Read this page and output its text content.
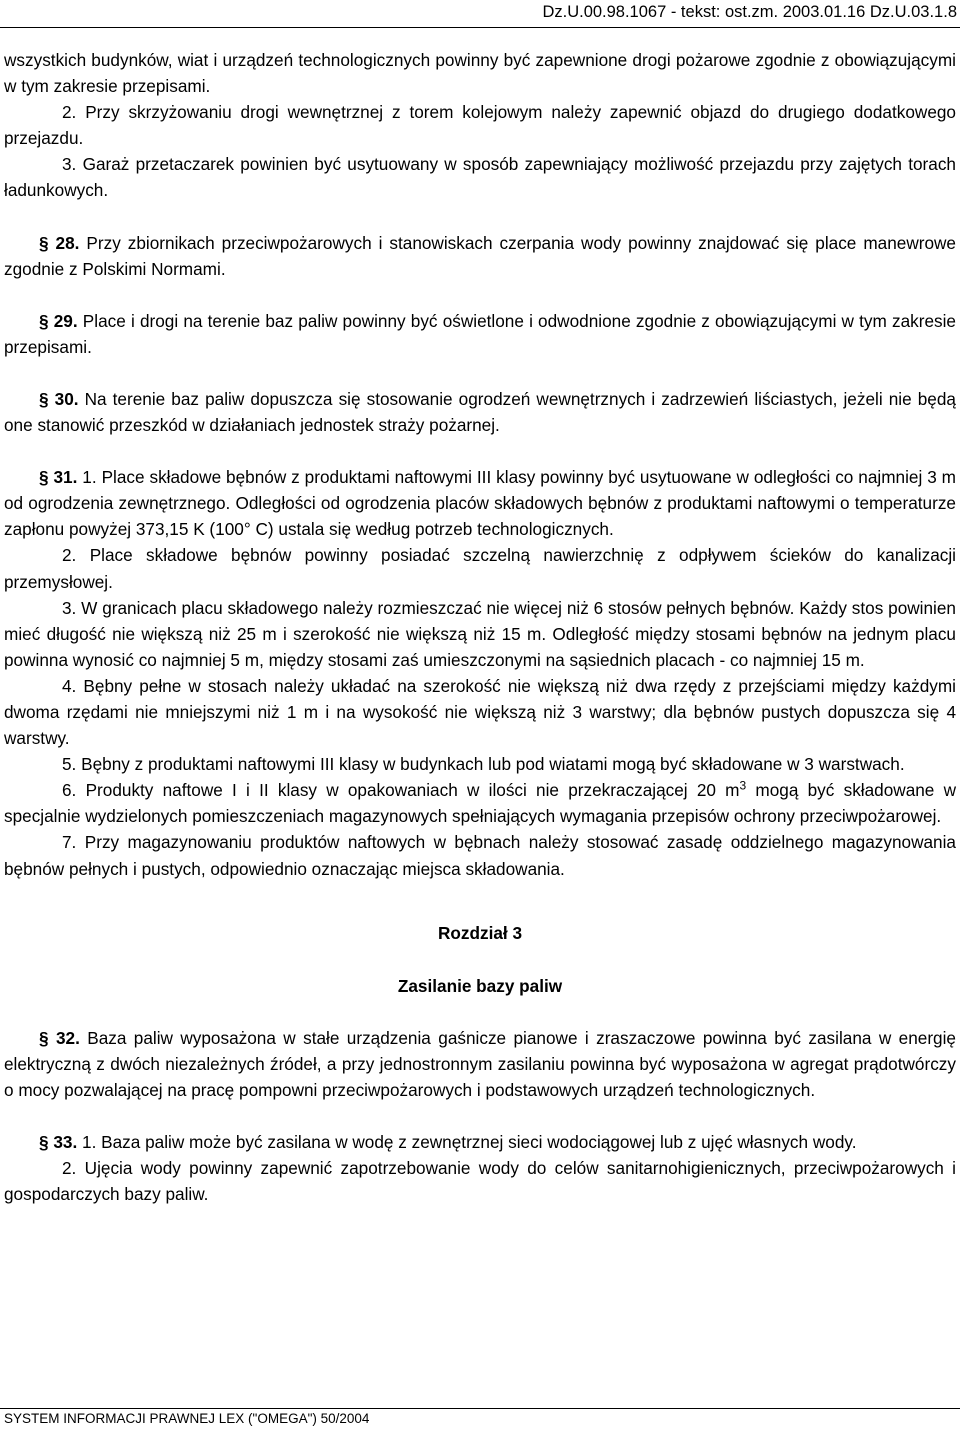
Dz.U.00.98.1067 - tekst: ost.zm. 2003.01.16 Dz.U.03.1.8

wszystkich budynków, wiat i urządzeń technologicznych powinny być zapewnione drogi pożarowe zgodnie z obowiązującymi w tym zakresie przepisami.

2. Przy skrzyżowaniu drogi wewnętrznej z torem kolejowym należy zapewnić objazd do drugiego dodatkowego przejazdu.

3. Garaż przetaczarek powinien być usytuowany w sposób zapewniający możliwość przejazdu przy zajętych torach ładunkowych.

§ 28. Przy zbiornikach przeciwpożarowych i stanowiskach czerpania wody powinny znajdować się place manewrowe zgodnie z Polskimi Normami.

§ 29. Place i drogi na terenie baz paliw powinny być oświetlone i odwodnione zgodnie z obowiązującymi w tym zakresie przepisami.

§ 30. Na terenie baz paliw dopuszcza się stosowanie ogrodzeń wewnętrznych i zadrzewień liściastych, jeżeli nie będą one stanowić przeszkód w działaniach jednostek straży pożarnej.

§ 31. 1. Place składowe bębnów z produktami naftowymi III klasy powinny być usytuowane w odległości co najmniej 3 m od ogrodzenia zewnętrznego. Odległości od ogrodzenia placów składowych bębnów z produktami naftowymi o temperaturze zapłonu powyżej 373,15 K (100° C) ustala się według potrzeb technologicznych.

2. Place składowe bębnów powinny posiadać szczelną nawierzchnię z odpływem ścieków do kanalizacji przemysłowej.

3. W granicach placu składowego należy rozmieszczać nie więcej niż 6 stosów pełnych bębnów. Każdy stos powinien mieć długość nie większą niż 25 m i szerokość nie większą niż 15 m. Odległość między stosami bębnów na jednym placu powinna wynosić co najmniej 5 m, między stosami zaś umieszczonymi na sąsiednich placach - co najmniej 15 m.

4. Bębny pełne w stosach należy układać na szerokość nie większą niż dwa rzędy z przejściami między każdymi dwoma rzędami nie mniejszymi niż 1 m i na wysokość nie większą niż 3 warstwy; dla bębnów pustych dopuszcza się 4 warstwy.

5. Bębny z produktami naftowymi III klasy w budynkach lub pod wiatami mogą być składowane w 3 warstwach.

6. Produkty naftowe I i II klasy w opakowaniach w ilości nie przekraczającej 20 $m^3$ mogą być składowane w specjalnie wydzielonych pomieszczeniach magazynowych spełniających wymagania przepisów ochrony przeciwpożarowej.

7. Przy magazynowaniu produktów naftowych w bębnach należy stosować zasadę oddzielnego magazynowania bębnów pełnych i pustych, odpowiednio oznaczając miejsca składowania.

Rozdział 3

Zasilanie bazy paliw

§ 32. Baza paliw wyposażona w stałe urządzenia gaśnicze pianowe i zraszaczowe powinna być zasilana w energię elektryczną z dwóch niezależnych źródeł, a przy jednostronnym zasilaniu powinna być wyposażona w agregat prądotwórczy o mocy pozwalającej na pracę pompowni przeciwpożarowych i podstawowych urządzeń technologicznych.

§ 33. 1. Baza paliw może być zasilana w wodę z zewnętrznej sieci wodociągowej lub z ujęć własnych wody.

2. Ujęcia wody powinny zapewnić zapotrzebowanie wody do celów sanitarnohigienicznych, przeciwpożarowych i gospodarczych bazy paliw.

SYSTEM INFORMACJI PRAWNEJ LEX ("OMEGA") 50/2004
